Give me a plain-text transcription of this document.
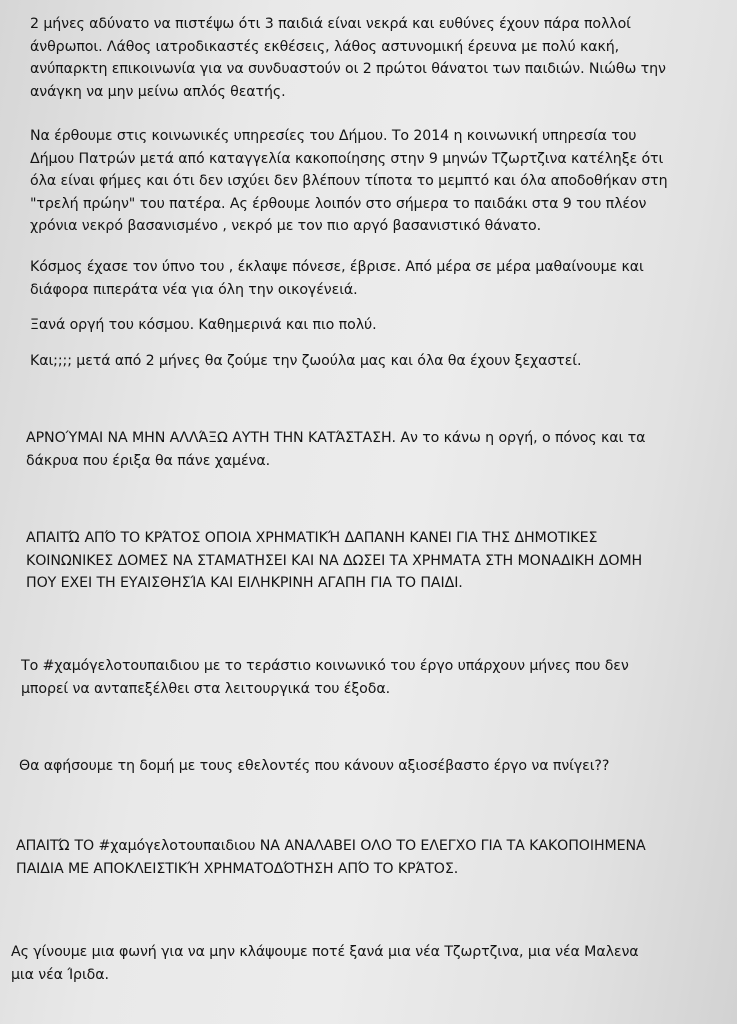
2 μήνες αδύνατο να πιστέψω ότι 3 παιδιά είναι νεκρά και ευθύνες έχουν πάρα πολλοί
άνθρωποι. Λάθος ιατροδικαστές εκθέσεις, λάθος αστυνομική έρευνα με πολύ κακή,
ανύπαρκτη επικοινωνία για να συνδυαστούν οι 2 πρώτοι θάνατοι των παιδιών. Νιώθω την
ανάγκη να μην μείνω απλός θεατής.

Να έρθουμε στις κοινωνικές υπηρεσίες του Δήμου. Το 2014 η κοινωνική υπηρεσία του
Δήμου Πατρών μετά από καταγγελία κακοποίησης στην 9 μηνών Τζωρτζινα κατέληξε ότι
όλα είναι φήμες και ότι δεν ισχύει δεν βλέπουν τίποτα το μεμπτό και όλα αποδοθήκαν στη
"τρελή πρώην" του πατέρα. Ας έρθουμε λοιπόν στο σήμερα το παιδάκι στα 9 του πλέον
χρόνια νεκρό βασανισμένο , νεκρό με τον πιο αργό βασανιστικό θάνατο.

Κόσμος έχασε τον ύπνο του , έκλαψε πόνεσε, έβρισε. Από μέρα σε μέρα μαθαίνουμε και
διάφορα πιπεράτα νέα για όλη την οικογένειά.

Ξανά οργή του κόσμου. Καθημερινά και πιο πολύ.

Και;;;; μετά από 2 μήνες θα ζούμε την ζωούλα μας και όλα θα έχουν ξεχαστεί.

ΑΡΝΟΎΜΑΙ ΝΑ ΜΗΝ ΑΛΛΆΞΩ ΑΥΤΗ ΤΗΝ ΚΑΤΆΣΤΑΣΗ. Αν το κάνω η οργή, ο πόνος και τα
δάκρυα που έριξα θα πάνε χαμένα.

ΑΠΑΙΤΏ ΑΠΌ ΤΟ ΚΡΆΤΟΣ ΟΠΟΙΑ ΧΡΗΜΑΤΙΚΉ ΔΑΠΑΝΗ ΚΑΝΕΙ ΓΙΑ ΤΗΣ ΔΗΜΟΤΙΚΕΣ
ΚΟΙΝΩΝΙΚΕΣ ΔΟΜΕΣ ΝΑ ΣΤΑΜΑΤΗΣΕΙ ΚΑΙ ΝΑ ΔΩΣΕΙ ΤΑ ΧΡΗΜΑΤΑ ΣΤΗ ΜΟΝΑΔΙΚΗ ΔΟΜΗ
ΠΟΥ ΕΧΕΙ ΤΗ ΕΥΑΙΣΘΗΣΊΑ ΚΑΙ ΕΙΛΗΚΡΙΝΗ ΑΓΑΠΗ ΓΙΑ ΤΟ ΠΑΙΔΙ.

Το #χαμόγελοτουπαιδιου με το τεράστιο κοινωνικό του έργο υπάρχουν μήνες που δεν
μπορεί να ανταπεξέλθει στα λειτουργικά του έξοδα.

Θα αφήσουμε τη δομή με τους εθελοντές που κάνουν αξιοσέβαστο έργο να πνίγει??

ΑΠΑΙΤΏ ΤΟ #χαμόγελοτουπαιδιου ΝΑ ΑΝΑΛΑΒΕΙ ΟΛΟ ΤΟ ΕΛΕΓΧΟ ΓΙΑ ΤΑ ΚΑΚΟΠΟΙΗΜΕΝΑ
ΠΑΙΔΙΑ ΜΕ ΑΠΟΚΛΕΙΣΤΙΚΉ ΧΡΗΜΑΤΟΔΌΤΗΣΗ ΑΠΌ ΤΟ ΚΡΆΤΟΣ.

Ας γίνουμε μια φωνή για να μην κλάψουμε ποτέ ξανά μια νέα Τζωρτζινα, μια νέα Μαλενα
μια νέα Ίριδα.
